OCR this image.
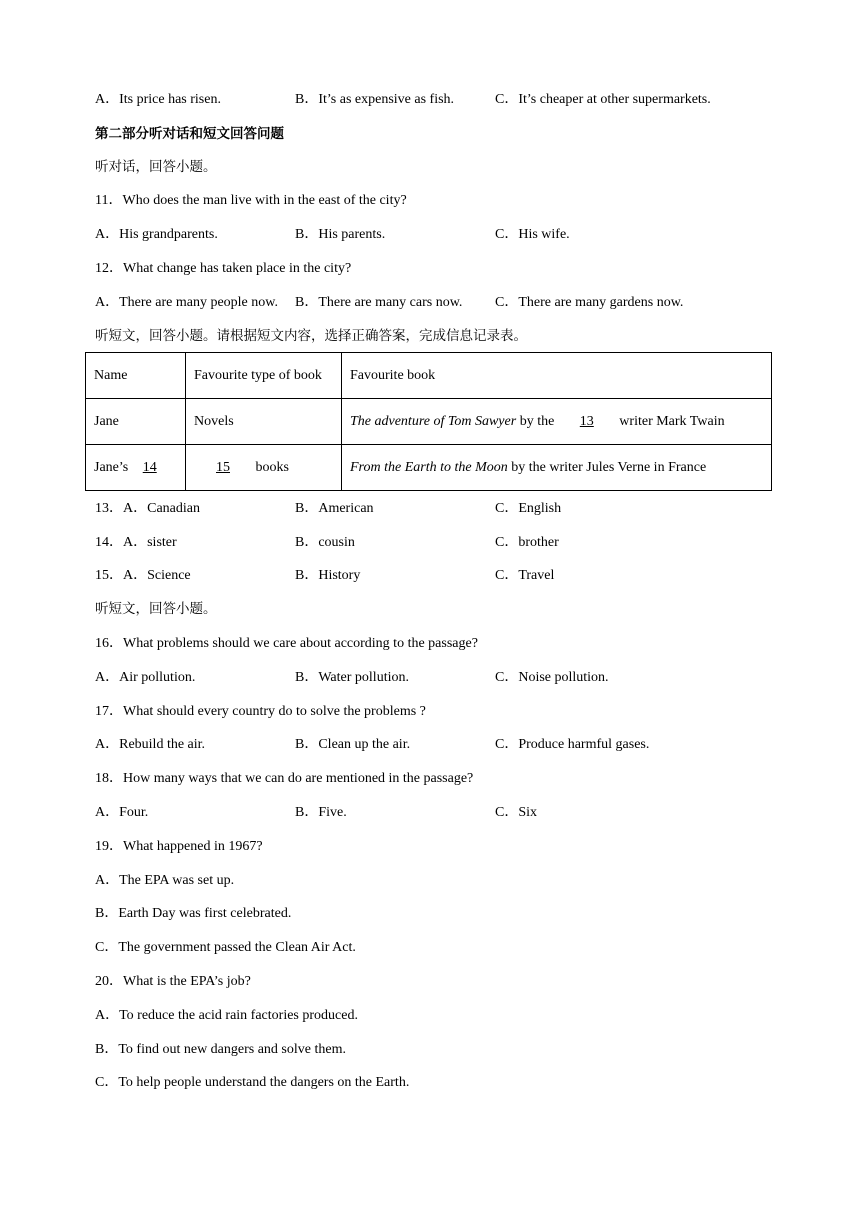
A．Its price has risen.	B．It’s as expensive as fish.	C．It’s cheaper at other supermarkets.
第二部分听对话和短文回答问题
听对话，回答小题。
11．Who does the man live with in the east of the city?
A．His grandparents.	B．His parents.	C．His wife.
12．What change has taken place in the city?
A．There are many people now. B．There are many cars now. C．There are many gardens now.
听短文，回答小题。请根据短文内容，选择正确答案，完成信息记录表。
Name	Favourite type of book	Favourite book
Jane	Novels	The adventure of Tom Sawyer by the 13 writer Mark Twain
Jane’s 14	15 books	From the Earth to the Moon by the writer Jules Verne in France
13．A．Canadian	B．American	C．English
14．A．sister	B．cousin	C．brother
15．A．Science	B．History	C．Travel
听短文，回答小题。
16．What problems should we care about according to the passage?
A．Air pollution.	B．Water pollution.	C．Noise pollution.
17．What should every country do to solve the problems ?
A．Rebuild the air.	B．Clean up the air.	C．Produce harmful gases.
18．How many ways that we can do are mentioned in the passage?
A．Four.	B．Five.	C．Six
19．What happened in 1967?
A．The EPA was set up.
B．Earth Day was first celebrated.
C．The government passed the Clean Air Act.
20．What is the EPA’s job?
A．To reduce the acid rain factories produced.
B．To find out new dangers and solve them.
C．To help people understand the dangers on the Earth.
